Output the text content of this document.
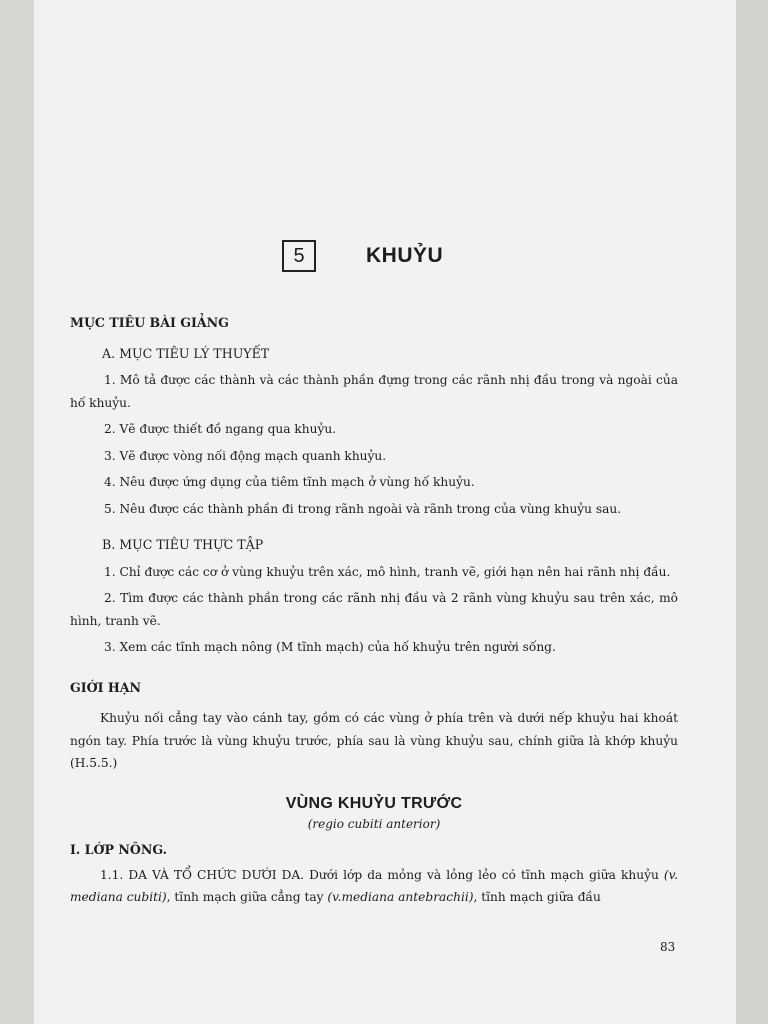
5	KHUỶU
MỤC TIÊU BÀI GIẢNG
A. MỤC TIÊU LÝ THUYẾT
1. Mô tả được các thành và các thành phần đựng trong các rãnh nhị đầu trong và ngoài của hố khuỷu.
2. Vẽ được thiết đồ ngang qua khuỷu.
3. Vẽ được vòng nối động mạch quanh khuỷu.
4. Nêu được ứng dụng của tiêm tĩnh mạch ở vùng hố khuỷu.
5. Nêu được các thành phần đi trong rãnh ngoài và rãnh trong của vùng khuỷu sau.
B. MỤC TIÊU THỰC TẬP
1. Chỉ được các cơ ở vùng khuỷu trên xác, mô hình, tranh vẽ, giới hạn nên hai rãnh nhị đầu.
2. Tìm được các thành phần trong các rãnh nhị đầu và 2 rãnh vùng khuỷu sau trên xác, mô hình, tranh vẽ.
3. Xem các tĩnh mạch nông (M tĩnh mạch) của hố khuỷu trên người sống.
GIỚI HẠN

Khuỷu nối cẳng tay vào cánh tay, gồm có các vùng ở phía trên và dưới nếp khuỷu hai khoát ngón tay. Phía trước là vùng khuỷu trước, phía sau là vùng khuỷu sau, chính giữa là khớp khuỷu (H.5.5.)

VÙNG KHUỶU TRƯỚC
(regio cubiti anterior)
I. LỚP NÔNG.

1.1. DA VÀ TỔ CHỨC DƯỚI DA. Dưới lớp da mỏng và lỏng lẻo có tĩnh mạch giữa khuỷu (v. mediana cubiti), tĩnh mạch giữa cẳng tay (v.mediana antebrachii), tĩnh mạch giữa đầu

83
